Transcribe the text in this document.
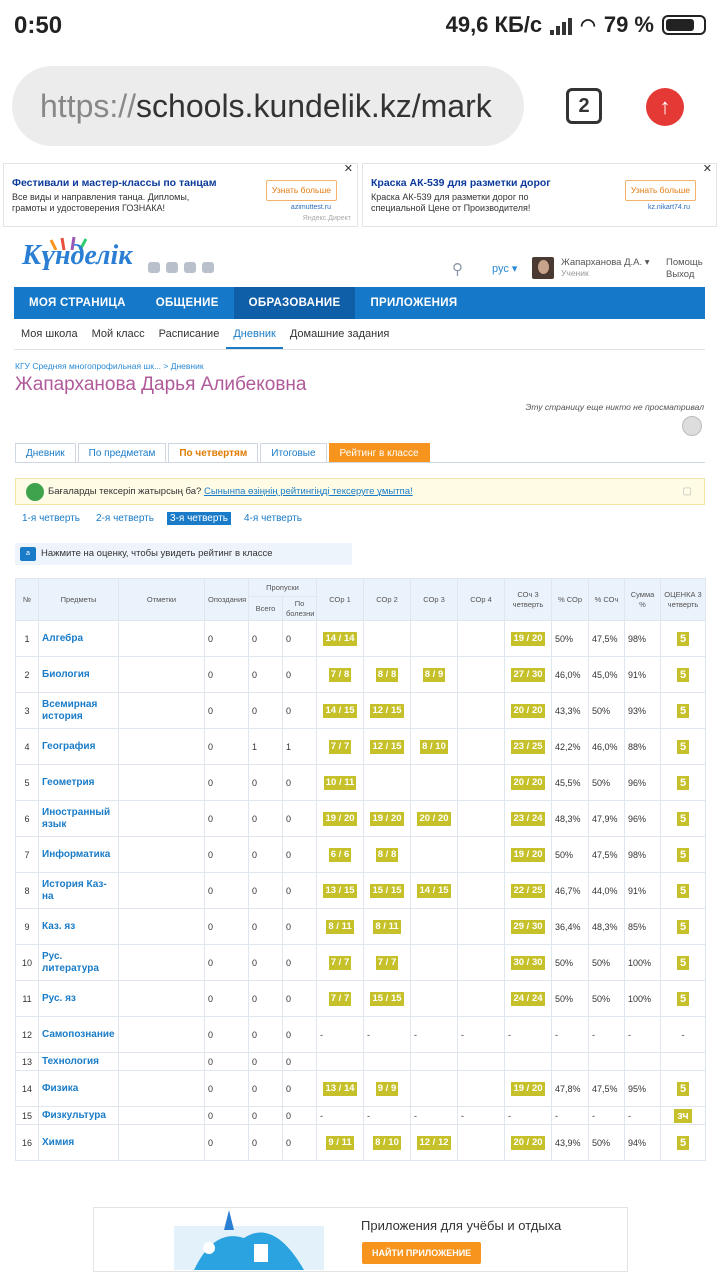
0:50	49,6 КБ/с ◠ 79 %
https://schools.kundelik.kz/mark	2	↑
Фестивали и мастер-классы по танцам
Все виды и направления танца. Дипломы, грамоты и удостоверения ГОЗНАКА!
Узнать больше
azimuttest.ru
✕
Яндекс.Директ
Краска АК-539 для разметки дорог
Краска АК-539 для разметки дорог по специальной Цене от Производителя!
Узнать больше
kz.nikart74.ru
✕
Күнделік	⚲	рус ▾
Жапарханова Д.А. ▾
Ученик
Помощь
Выход
МОЯ СТРАНИЦА	ОБЩЕНИЕ	ОБРАЗОВАНИЕ	ПРИЛОЖЕНИЯ
Моя школа	Мой класс	Расписание	Дневник	Домашние задания
КГУ Средняя многопрофильная шк... > Дневник
Жапарханова Дарья Алибековна
Эту страницу еще никто не просматривал
Дневник	По предметам	По четвертям	Итоговые	Рейтинг в классе
Бағаларды тексеріп жатырсың ба? Сынынпа өзіңнің рейтингіңді тексеруге ұмытпа!	▢
1-я четверть	2-я четверть	3-я четверть	4-я четверть
a	Нажмите на оценку, чтобы увидеть рейтинг в классе
№	Предметы	Отметки	Опоздания	Пропуски		СОр 1	СОр 2	СОр 3	СОр 4	СОч 3 четверть	% СОр	% СОч	Сумма %	ОЦЕНКА 3 четверть
				Всего	По болезни									
1	Алгебра		0	0	0	14 / 14				19 / 20	50%	47,5%	98%	5
2	Биология		0	0	0	7 / 8	8 / 8	8 / 9		27 / 30	46,0%	45,0%	91%	5
3	Всемирная история		0	0	0	14 / 15	12 / 15			20 / 20	43,3%	50%	93%	5
4	География		0	1	1	7 / 7	12 / 15	8 / 10		23 / 25	42,2%	46,0%	88%	5
5	Геометрия		0	0	0	10 / 11				20 / 20	45,5%	50%	96%	5
6	Иностранный язык		0	0	0	19 / 20	19 / 20	20 / 20		23 / 24	48,3%	47,9%	96%	5
7	Информатика		0	0	0	6 / 6	8 / 8			19 / 20	50%	47,5%	98%	5
8	История Каз-на		0	0	0	13 / 15	15 / 15	14 / 15		22 / 25	46,7%	44,0%	91%	5
9	Каз. яз		0	0	0	8 / 11	8 / 11			29 / 30	36,4%	48,3%	85%	5
10	Рус. литература		0	0	0	7 / 7	7 / 7			30 / 30	50%	50%	100%	5
11	Рус. яз		0	0	0	7 / 7	15 / 15			24 / 24	50%	50%	100%	5
12	Самопознание		0	0	0	-	-	-	-	-	-	-	-	-
13	Технология		0	0	0									
14	Физика		0	0	0	13 / 14	9 / 9			19 / 20	47,8%	47,5%	95%	5
15	Физкультура		0	0	0	-	-	-	-	-	-	-	-	зч
16	Химия		0	0	0	9 / 11	8 / 10	12 / 12		20 / 20	43,9%	50%	94%	5
Приложения для учёбы и отдыха
НАЙТИ ПРИЛОЖЕНИЕ
